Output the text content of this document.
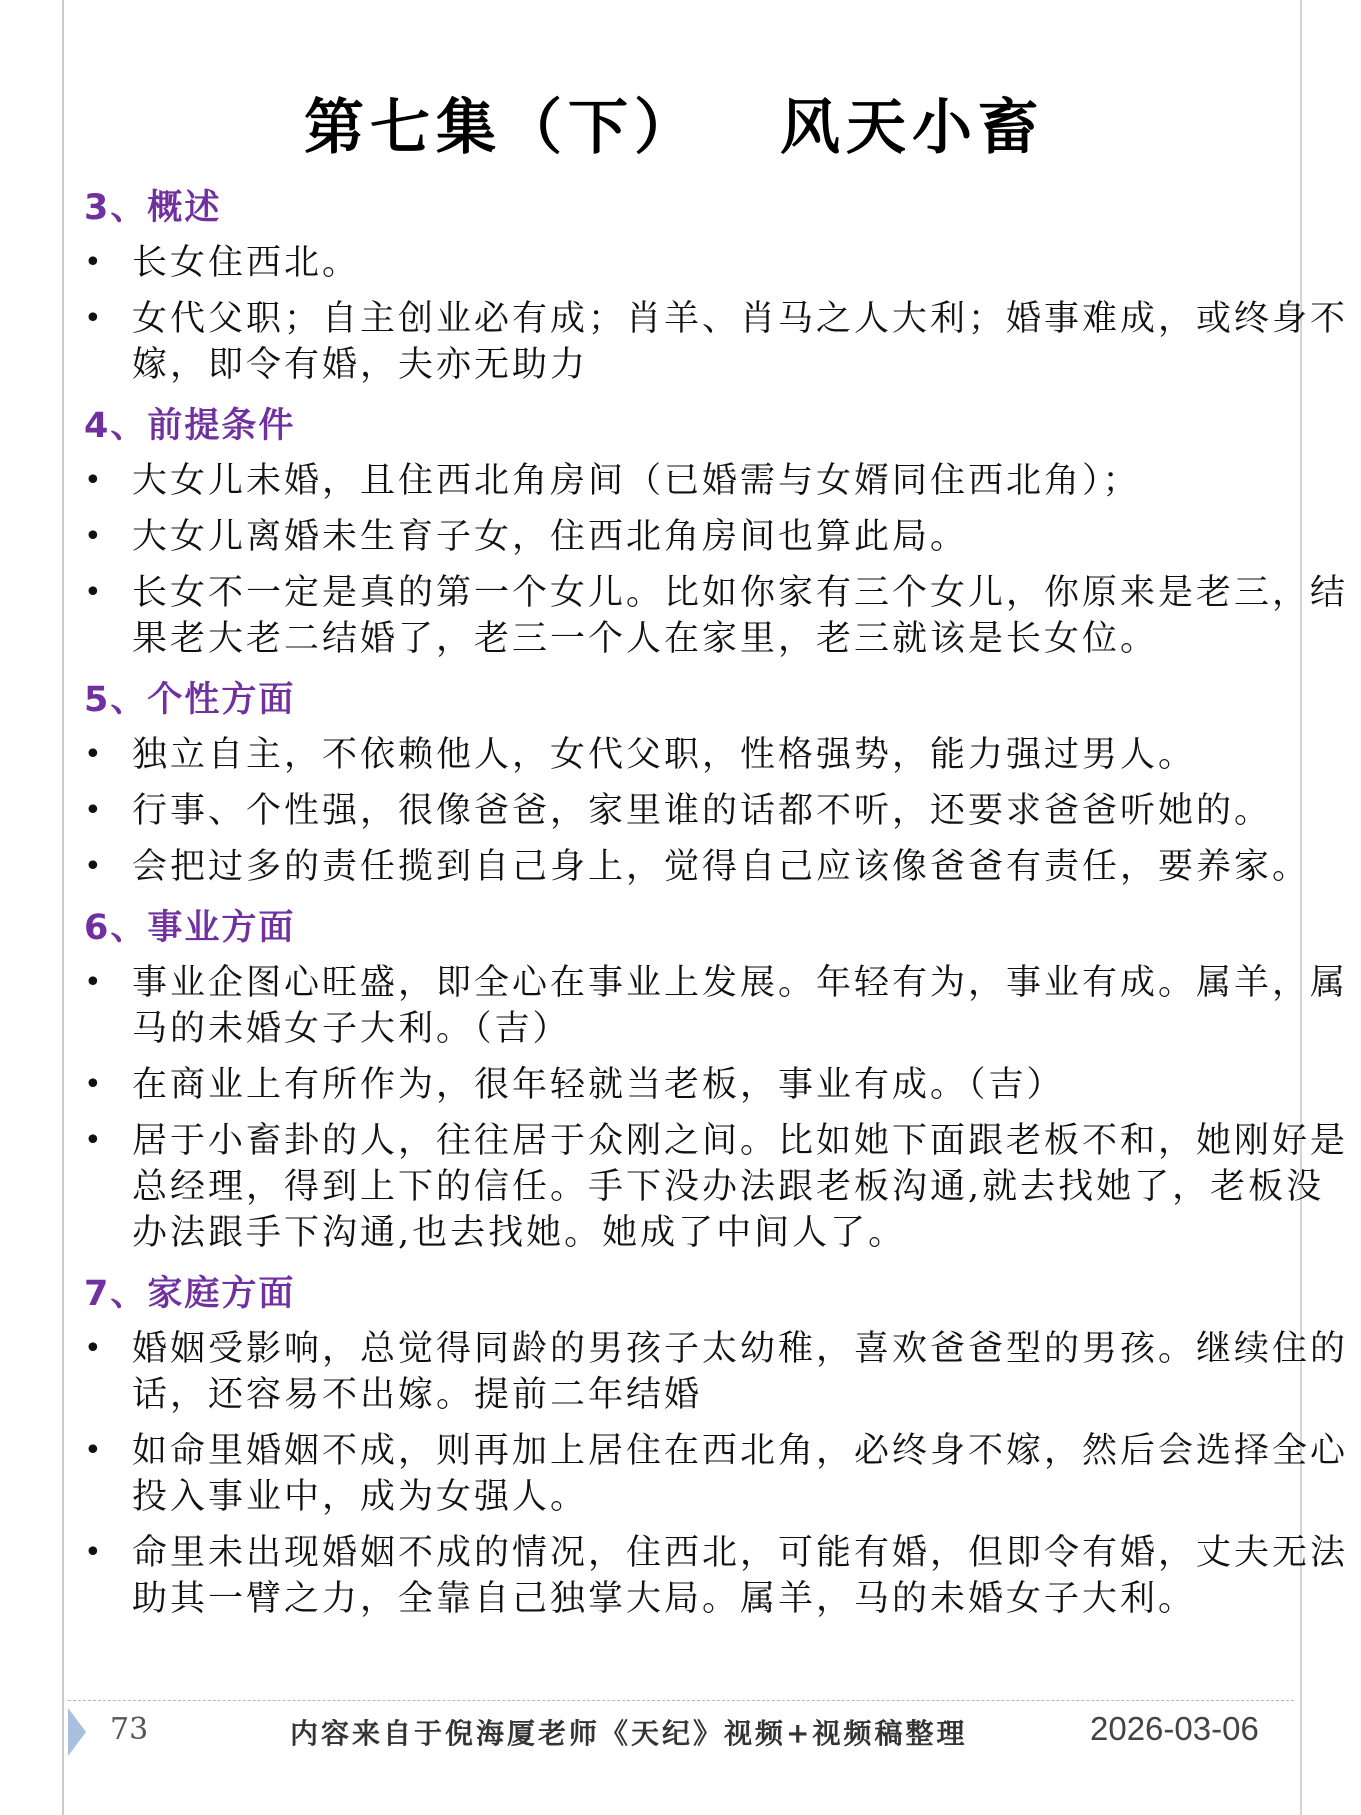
第七集（下） 风天小畜
3、概述
• 长女住西北。
• 女代父职；自主创业必有成；肖羊、肖马之人大利；婚事难成，或终身不嫁，即令有婚，夫亦无助力
4、前提条件
• 大女儿未婚，且住西北角房间（已婚需与女婿同住西北角）；
• 大女儿离婚未生育子女，住西北角房间也算此局。
• 长女不一定是真的第一个女儿。比如你家有三个女儿，你原来是老三，结果老大老二结婚了，老三一个人在家里，老三就该是长女位。
5、个性方面
• 独立自主，不依赖他人，女代父职，性格强势，能力强过男人。
• 行事、个性强，很像爸爸，家里谁的话都不听，还要求爸爸听她的。
• 会把过多的责任揽到自己身上，觉得自己应该像爸爸有责任，要养家。
6、事业方面
• 事业企图心旺盛，即全心在事业上发展。年轻有为，事业有成。属羊，属马的未婚女子大利。（吉）
• 在商业上有所作为，很年轻就当老板，事业有成。（吉）
• 居于小畜卦的人，往往居于众刚之间。比如她下面跟老板不和，她刚好是总经理，得到上下的信任。手下没办法跟老板沟通,就去找她了，老板没办法跟手下沟通,也去找她。她成了中间人了。
7、家庭方面
• 婚姻受影响，总觉得同龄的男孩子太幼稚，喜欢爸爸型的男孩。继续住的话，还容易不出嫁。提前二年结婚
• 如命里婚姻不成，则再加上居住在西北角，必终身不嫁，然后会选择全心投入事业中，成为女强人。
• 命里未出现婚姻不成的情况，住西北，可能有婚，但即令有婚，丈夫无法助其一臂之力，全靠自己独掌大局。属羊，马的未婚女子大利。
73	内容来自于倪海厦老师《天纪》视频+视频稿整理	2026-03-06
